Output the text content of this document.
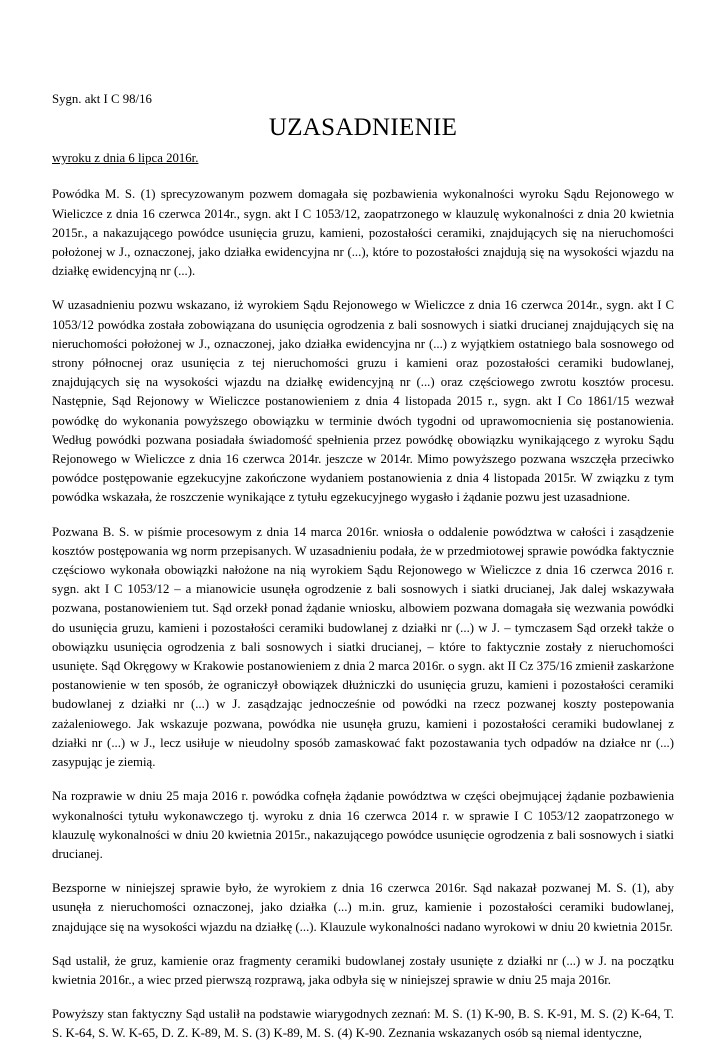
Sygn. akt I C 98/16
UZASADNIENIE
wyroku z dnia 6 lipca 2016r.

Powódka M. S. (1) sprecyzowanym pozwem domagała się pozbawienia wykonalności wyroku Sądu Rejonowego w Wieliczce z dnia 16 czerwca 2014r., sygn. akt I C 1053/12, zaopatrzonego w klauzulę wykonalności z dnia 20 kwietnia 2015r., a nakazującego powódce usunięcia gruzu, kamieni, pozostałości ceramiki, znajdujących się na nieruchomości położonej w J., oznaczonej, jako działka ewidencyjna nr (...), które to pozostałości znajdują się na wysokości wjazdu na działkę ewidencyjną nr (...).

W uzasadnieniu pozwu wskazano, iż wyrokiem Sądu Rejonowego w Wieliczce z dnia 16 czerwca 2014r., sygn. akt I C 1053/12 powódka została zobowiązana do usunięcia ogrodzenia z bali sosnowych i siatki drucianej znajdujących się na nieruchomości położonej w J., oznaczonej, jako działka ewidencyjna nr (...) z wyjątkiem ostatniego bala sosnowego od strony północnej oraz usunięcia z tej nieruchomości gruzu i kamieni oraz pozostałości ceramiki budowlanej, znajdujących się na wysokości wjazdu na działkę ewidencyjną nr (...) oraz częściowego zwrotu kosztów procesu. Następnie, Sąd Rejonowy w Wieliczce postanowieniem z dnia 4 listopada 2015 r., sygn. akt I Co 1861/15 wezwał powódkę do wykonania powyższego obowiązku w terminie dwóch tygodni od uprawomocnienia się postanowienia. Według powódki pozwana posiadała świadomość spełnienia przez powódkę obowiązku wynikającego z wyroku Sądu Rejonowego w Wieliczce z dnia 16 czerwca 2014r. jeszcze w 2014r. Mimo powyższego pozwana wszczęła przeciwko powódce postępowanie egzekucyjne zakończone wydaniem postanowienia z dnia 4 listopada 2015r. W związku z tym powódka wskazała, że roszczenie wynikające z tytułu egzekucyjnego wygasło i żądanie pozwu jest uzasadnione.

Pozwana B. S. w piśmie procesowym z dnia 14 marca 2016r. wniosła o oddalenie powództwa w całości i zasądzenie kosztów postępowania wg norm przepisanych. W uzasadnieniu podała, że w przedmiotowej sprawie powódka faktycznie częściowo wykonała obowiązki nałożone na nią wyrokiem Sądu Rejonowego w Wieliczce z dnia 16 czerwca 2016 r. sygn. akt I C 1053/12 – a mianowicie usunęła ogrodzenie z bali sosnowych i siatki drucianej, Jak dalej wskazywała pozwana, postanowieniem tut. Sąd orzekł ponad żądanie wniosku, albowiem pozwana domagała się wezwania powódki do usunięcia gruzu, kamieni i pozostałości ceramiki budowlanej z działki nr (...) w J. – tymczasem Sąd orzekł także o obowiązku usunięcia ogrodzenia z bali sosnowych i siatki drucianej, – które to faktycznie zostały z nieruchomości usunięte. Sąd Okręgowy w Krakowie postanowieniem z dnia 2 marca 2016r. o sygn. akt II Cz 375/16 zmienił zaskarżone postanowienie w ten sposób, że ograniczył obowiązek dłużniczki do usunięcia gruzu, kamieni i pozostałości ceramiki budowlanej z działki nr (...) w J. zasądzając jednocześnie od powódki na rzecz pozwanej koszty postepowania zażaleniowego. Jak wskazuje pozwana, powódka nie usunęła gruzu, kamieni i pozostałości ceramiki budowlanej z działki nr (...) w J., lecz usiłuje w nieudolny sposób zamaskować fakt pozostawania tych odpadów na działce nr (...) zasypując je ziemią.

Na rozprawie w dniu 25 maja 2016 r. powódka cofnęła żądanie powództwa w części obejmującej żądanie pozbawienia wykonalności tytułu wykonawczego tj. wyroku z dnia 16 czerwca 2014 r. w sprawie I C 1053/12 zaopatrzonego w klauzulę wykonalności w dniu 20 kwietnia 2015r., nakazującego powódce usunięcie ogrodzenia z bali sosnowych i siatki drucianej.

Bezsporne w niniejszej sprawie było, że wyrokiem z dnia 16 czerwca 2016r. Sąd nakazał pozwanej M. S. (1), aby usunęła z nieruchomości oznaczonej, jako działka (...) m.in. gruz, kamienie i pozostałości ceramiki budowlanej, znajdujące się na wysokości wjazdu na działkę (...). Klauzule wykonalności nadano wyrokowi w dniu 20 kwietnia 2015r.

Sąd ustalił, że gruz, kamienie oraz fragmenty ceramiki budowlanej zostały usunięte z działki nr (...) w J. na początku kwietnia 2016r., a wiec przed pierwszą rozprawą, jaka odbyła się w niniejszej sprawie w dniu 25 maja 2016r.

Powyższy stan faktyczny Sąd ustalił na podstawie wiarygodnych zeznań: M. S. (1) K-90, B. S. K-91, M. S. (2) K-64, T. S. K-64, S. W. K-65, D. Z. K-89, M. S. (3) K-89, M. S. (4) K-90. Zeznania wskazanych osób są niemal identyczne,
